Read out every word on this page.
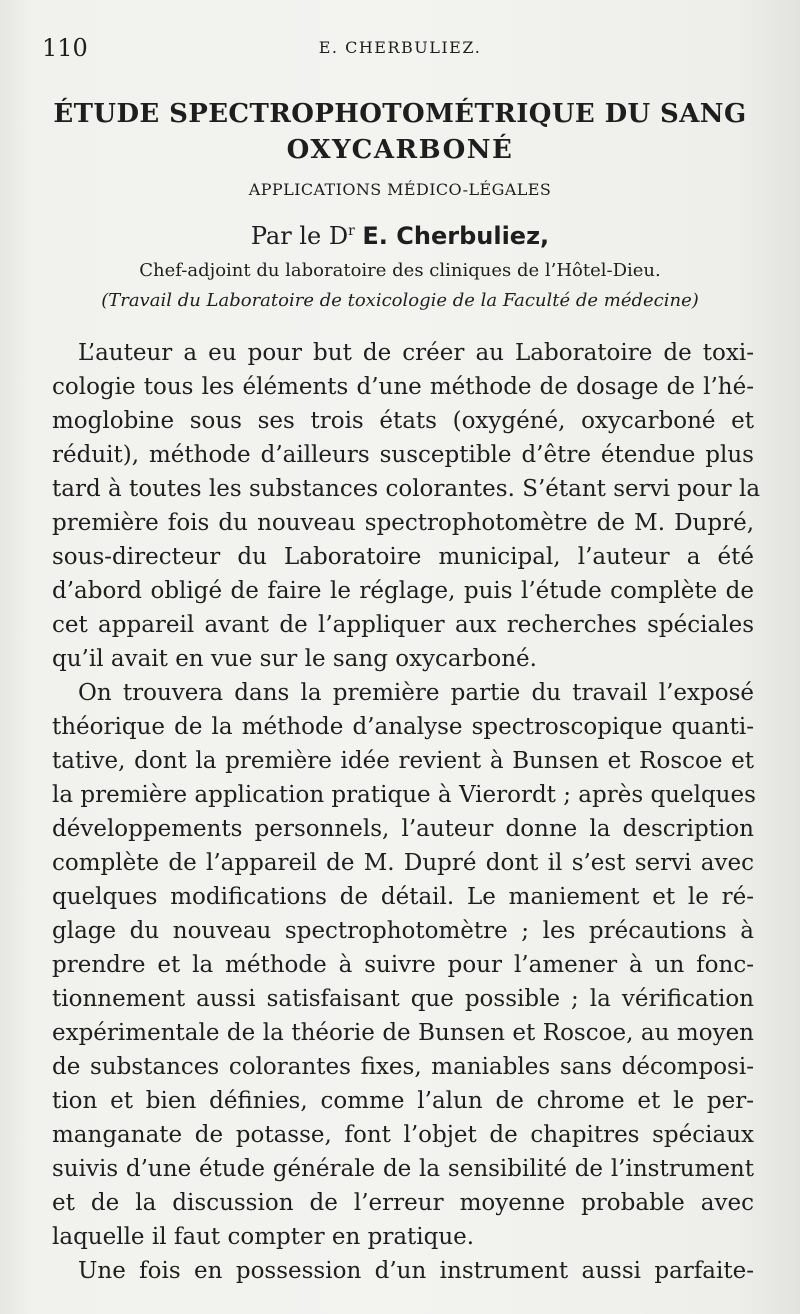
110	E. CHERBULIEZ.
ÉTUDE SPECTROPHOTOMÉTRIQUE DU SANG
OXYCARBONÉ
APPLICATIONS MÉDICO-LÉGALES
Par le $D^r$ E. Cherbuliez,
Chef-adjoint du laboratoire des cliniques de l’Hôtel-Dieu.
(Travail du Laboratoire de toxicologie de la Faculté de médecine)
L’auteur a eu pour but de créer au Laboratoire de toxi-
cologie tous les éléments d’une méthode de dosage de l’hé-
moglobine sous ses trois états (oxygéné, oxycarboné et
réduit), méthode d’ailleurs susceptible d’être étendue plus
tard à toutes les substances colorantes. S’étant servi pour la
première fois du nouveau spectrophotomètre de M. Dupré,
sous-directeur du Laboratoire municipal, l’auteur a été
d’abord obligé de faire le réglage, puis l’étude complète de
cet appareil avant de l’appliquer aux recherches spéciales
qu’il avait en vue sur le sang oxycarboné.
On trouvera dans la première partie du travail l’exposé
théorique de la méthode d’analyse spectroscopique quanti-
tative, dont la première idée revient à Bunsen et Roscoe et
la première application pratique à Vierordt ; après quelques
développements personnels, l’auteur donne la description
complète de l’appareil de M. Dupré dont il s’est servi avec
quelques modifications de détail. Le maniement et le ré-
glage du nouveau spectrophotomètre ; les précautions à
prendre et la méthode à suivre pour l’amener à un fonc-
tionnement aussi satisfaisant que possible ; la vérification
expérimentale de la théorie de Bunsen et Roscoe, au moyen
de substances colorantes fixes, maniables sans décomposi-
tion et bien définies, comme l’alun de chrome et le per-
manganate de potasse, font l’objet de chapitres spéciaux
suivis d’une étude générale de la sensibilité de l’instrument
et de la discussion de l’erreur moyenne probable avec
laquelle il faut compter en pratique.
Une fois en possession d’un instrument aussi parfaite-
